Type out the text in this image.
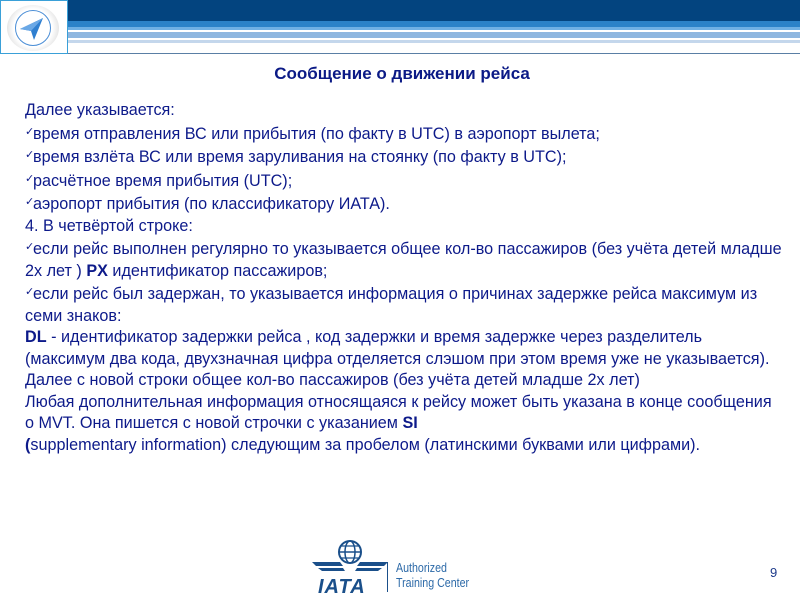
Сообщение о движении рейса

Далее указывается:

✓время отправления ВС или прибытия (по факту в UTC) в аэропорт вылета;

✓время взлёта ВС или время заруливания на стоянку (по факту в UTC);

✓расчётное время прибытия (UTC);

✓аэропорт прибытия (по классификатору ИАТА).

4. В четвёртой строке:

✓если рейс выполнен регулярно то указывается общее кол-во пассажиров (без учёта детей младше 2х лет ) PX идентификатор пассажиров;

✓если рейс был задержан, то указывается информация о причинах задержке рейса максимум из семи знаков:

DL - идентификатор задержки рейса , код задержки и время задержке через разделитель (максимум два кода, двухзначная цифра отделяется слэшом при этом время уже не указывается).

Далее с новой строки общее кол-во пассажиров (без учёта детей младше 2х лет)

Любая дополнительная информация относящаяся к рейсу может быть указана в конце сообщения о MVT. Она пишется с новой строчки с указанием SI
(supplementary information) следующим за пробелом (латинскими буквами или цифрами).

IATA
Authorized
Training Center
9
